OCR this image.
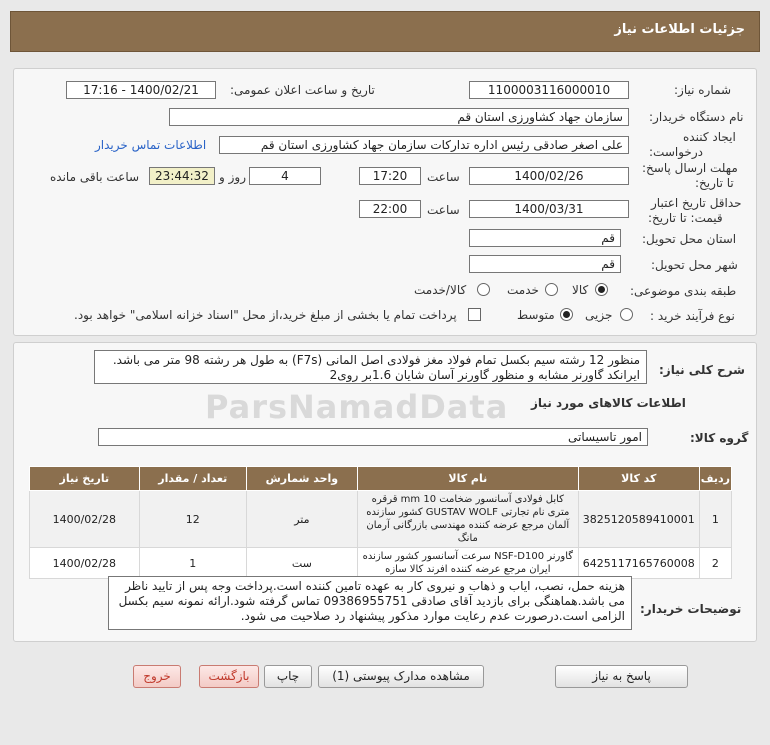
جزئیات اطلاعات نیاز
شماره نیاز:
1100003116000010
تاریخ و ساعت اعلان عمومی:
1400/02/21 - 17:16
نام دستگاه خریدار:
سازمان جهاد کشاورزی استان قم
ایجاد کننده
درخواست:
علی اصغر صادقی رئیس اداره تدارکات سازمان جهاد کشاورزی استان قم
اطلاعات تماس خریدار
مهلت ارسال پاسخ:
تا تاریخ:
1400/02/26
ساعت
17:20
4
روز و
23:44:32
ساعت باقی مانده
حداقل تاریخ اعتبار
قیمت: تا تاریخ:
1400/03/31
ساعت
22:00
استان محل تحویل:
قم
شهر محل تحویل:
قم
طبقه بندی موضوعی:
کالا
خدمت
کالا/خدمت
نوع فرآیند خرید :
جزیی
متوسط
پرداخت تمام یا بخشی از مبلغ خرید،از محل "اسناد خزانه اسلامی" خواهد بود.
ParsNamadData
شرح کلی نیاز:
منظور 12 رشته سیم بکسل تمام فولاد مغز فولادی اصل المانی (F7s) به طول هر رشته 98 متر می باشد. ایرانکد گاورنر مشابه و منظور گاورنر آسان شایان 1.6بر روی2
اطلاعات کالاهای مورد نیاز
گروه کالا:
امور تاسیساتی
ردیف	کد کالا	نام کالا	واحد شمارش	تعداد / مقدار	تاریخ نیاز
1	3825120589410001	کابل فولادی آسانسور ضخامت mm 10 قرقره متری نام تجارتی GUSTAV WOLF کشور سازنده آلمان مرجع عرضه کننده مهندسی بازرگانی آرمان مانگ	متر	12	1400/02/28
2	6425117165760008	گاورنر NSF-D100 سرعت آسانسور کشور سازنده ایران مرجع عرضه کننده افرند کالا سازه	ست	1	1400/02/28
توضیحات خریدار:
هزینه حمل، نصب، ایاب و ذهاب و نیروی کار به عهده تامین کننده است.پرداخت وجه پس از تایید ناظر می باشد.هماهنگی برای بازدید آقای صادقی 09386955751 تماس گرفته شود.ارائه نمونه سیم بکسل الزامی است.درصورت عدم رعایت موارد مذکور پیشنهاد رد صلاحیت می شود.
پاسخ به نیاز
مشاهده مدارک پیوستی (1)
چاپ
بازگشت
خروج
